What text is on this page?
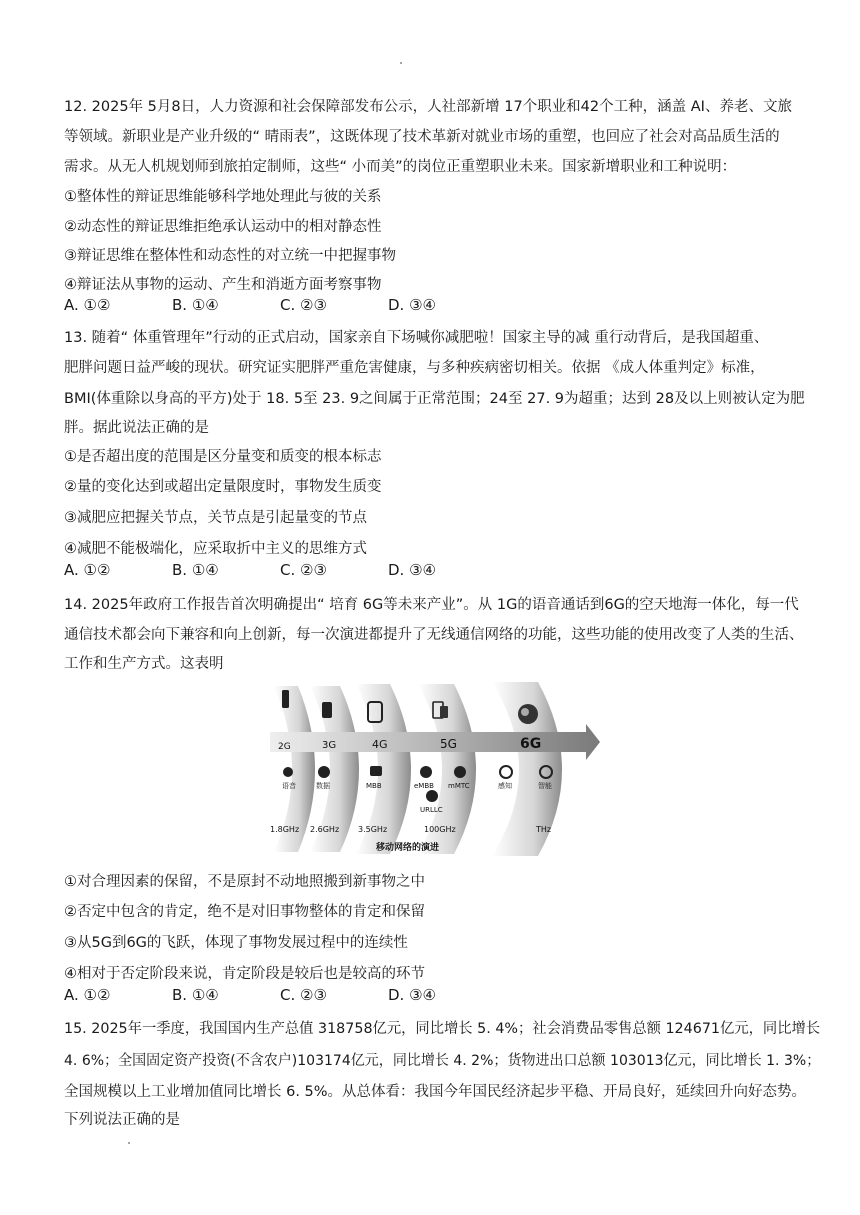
12. 2025年 5月8日，人力资源和社会保障部发布公示，人社部新增 17个职业和42个工种，涵盖 AI、养老、文旅
等领域。新职业是产业升级的“ 晴雨表”，这既体现了技术革新对就业市场的重塑，也回应了社会对高品质生活的
需求。从无人机规划师到旅拍定制师，这些“ 小而美”的岗位正重塑职业未来。国家新增职业和工种说明：
①整体性的辩证思维能够科学地处理此与彼的关系
②动态性的辩证思维拒绝承认运动中的相对静态性
③辩证思维在整体性和动态性的对立统一中把握事物
④辩证法从事物的运动、产生和消逝方面考察事物
A. ①②	B. ①④	C. ②③	D. ③④
13. 随着“ 体重管理年”行动的正式启动，国家亲自下场喊你减肥啦！国家主导的减 重行动背后，是我国超重、
肥胖问题日益严峻的现状。研究证实肥胖严重危害健康，与多种疾病密切相关。依据 《成人体重判定》标准，
BMI(体重除以身高的平方)处于 18. 5至 23. 9之间属于正常范围；24至 27. 9为超重；达到 28及以上则被认定为肥
胖。据此说法正确的是
①是否超出度的范围是区分量变和质变的根本标志
②量的变化达到或超出定量限度时，事物发生质变
③减肥应把握关节点，关节点是引起量变的节点
④减肥不能极端化，应采取折中主义的思维方式
A. ①②	B. ①④	C. ②③	D. ③④
14. 2025年政府工作报告首次明确提出“ 培育 6G等未来产业”。从 1G的语音通话到6G的空天地海一体化，每一代
通信技术都会向下兼容和向上创新，每一次演进都提升了无线通信网络的功能，这些功能的使用改变了人类的生活、
工作和生产方式。这表明
2G	3G	4G	5G	6G
语音	数据	MBB	eMBB mMTC
URLLC
感知	智能
1.8GHz 2.6GHz 3.5GHz	100GHz	THz
移动网络的演进
①对合理因素的保留，不是原封不动地照搬到新事物之中
②否定中包含的肯定，绝不是对旧事物整体的肯定和保留
③从5G到6G的飞跃，体现了事物发展过程中的连续性
④相对于否定阶段来说，肯定阶段是较后也是较高的环节
A. ①②	B. ①④	C. ②③	D. ③④
15. 2025年一季度，我国国内生产总值 318758亿元，同比增长 5. 4%；社会消费品零售总额 124671亿元，同比增长
4. 6%；全国固定资产投资(不含农户)103174亿元，同比增长 4. 2%；货物进出口总额 103013亿元，同比增长 1. 3%；
全国规模以上工业增加值同比增长 6. 5%。从总体看：我国今年国民经济起步平稳、开局良好，延续回升向好态势。
下列说法正确的是
